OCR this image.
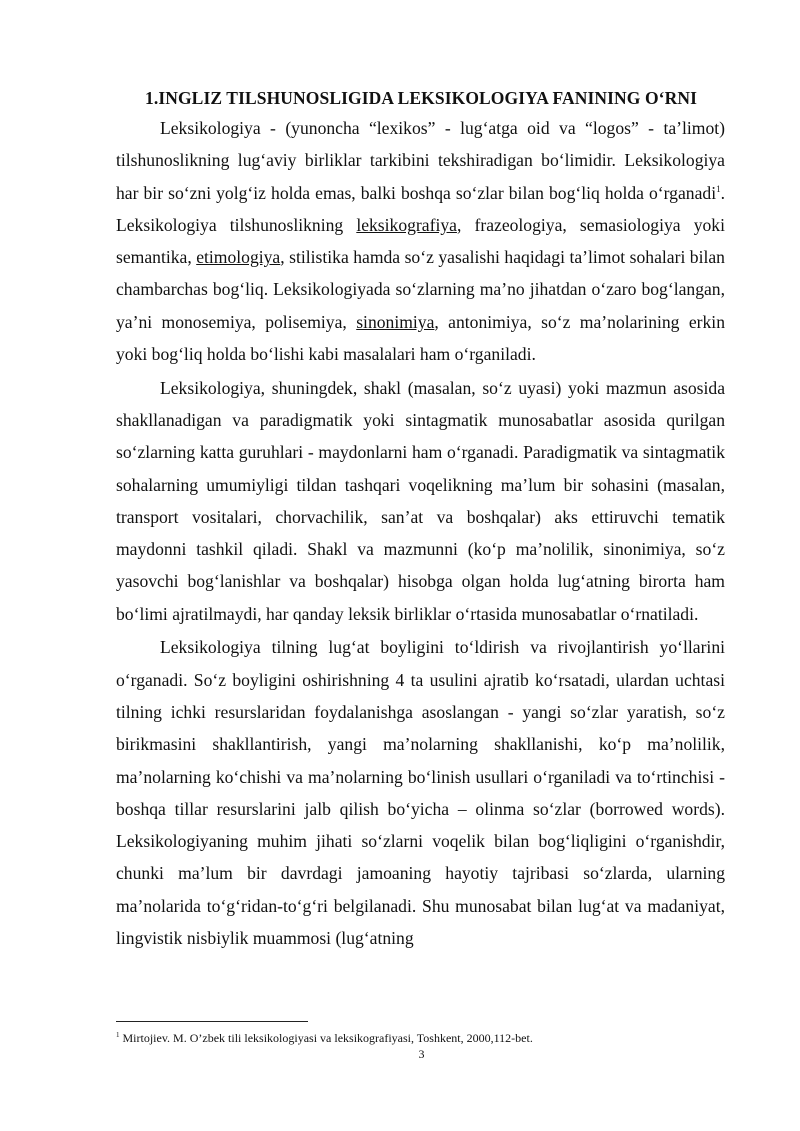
1.INGLIZ TILSHUNOSLIGIDA LEKSIKOLOGIYA FANINING O‘RNI

Leksikologiya - (yunoncha “lexikos” - lug‘atga oid va “logos” - ta’limot) tilshunoslikning lug‘aviy birliklar tarkibini tekshiradigan bo‘limidir. Leksikologiya har bir so‘zni yolg‘iz holda emas, balki boshqa so‘zlar bilan bog‘liq holda o‘rganadi$^1$. Leksikologiya tilshunoslikning leksikografiya, frazeologiya, semasiologiya yoki semantika, etimologiya, stilistika hamda so‘z yasalishi haqidagi ta’limot sohalari bilan chambarchas bog‘liq. Leksikologiyada so‘zlarning ma’no jihatdan o‘zaro bog‘langan, ya’ni monosemiya, polisemiya, sinonimiya, antonimiya, so‘z ma’nolarining erkin yoki bog‘liq holda bo‘lishi kabi masalalari ham o‘rganiladi.

Leksikologiya, shuningdek, shakl (masalan, so‘z uyasi) yoki mazmun asosida shakllanadigan va paradigmatik yoki sintagmatik munosabatlar asosida qurilgan so‘zlarning katta guruhlari - maydonlarni ham o‘rganadi. Paradigmatik va sintagmatik sohalarning umumiyligi tildan tashqari voqelikning ma’lum bir sohasini (masalan, transport vositalari, chorvachilik, san’at va boshqalar) aks ettiruvchi tematik maydonni tashkil qiladi. Shakl va mazmunni (ko‘p ma’nolilik, sinonimiya, so‘z yasovchi bog‘lanishlar va boshqalar) hisobga olgan holda lug‘atning birorta ham bo‘limi ajratilmaydi, har qanday leksik birliklar o‘rtasida munosabatlar o‘rnatiladi.

Leksikologiya tilning lug‘at boyligini to‘ldirish va rivojlantirish yo‘llarini o‘rganadi. So‘z boyligini oshirishning 4 ta usulini ajratib ko‘rsatadi, ulardan uchtasi tilning ichki resurslaridan foydalanishga asoslangan - yangi so‘zlar yaratish, so‘z birikmasini shakllantirish, yangi ma’nolarning shakllanishi, ko‘p ma’nolilik, ma’nolarning ko‘chishi va ma’nolarning bo‘linish usullari o‘rganiladi va to‘rtinchisi - boshqa tillar resurslarini jalb qilish bo‘yicha – olinma so‘zlar (borrowed words). Leksikologiyaning muhim jihati so‘zlarni voqelik bilan bog‘liqligini o‘rganishdir, chunki ma’lum bir davrdagi jamoaning hayotiy tajribasi so‘zlarda, ularning ma’nolarida to‘g‘ridan-to‘g‘ri belgilanadi. Shu munosabat bilan lug‘at va madaniyat, lingvistik nisbiylik muammosi (lug‘atning

$^1$ Mirtojiev. M. O’zbek tili leksikologiyasi va leksikografiyasi, Toshkent, 2000,112-bet.
3
